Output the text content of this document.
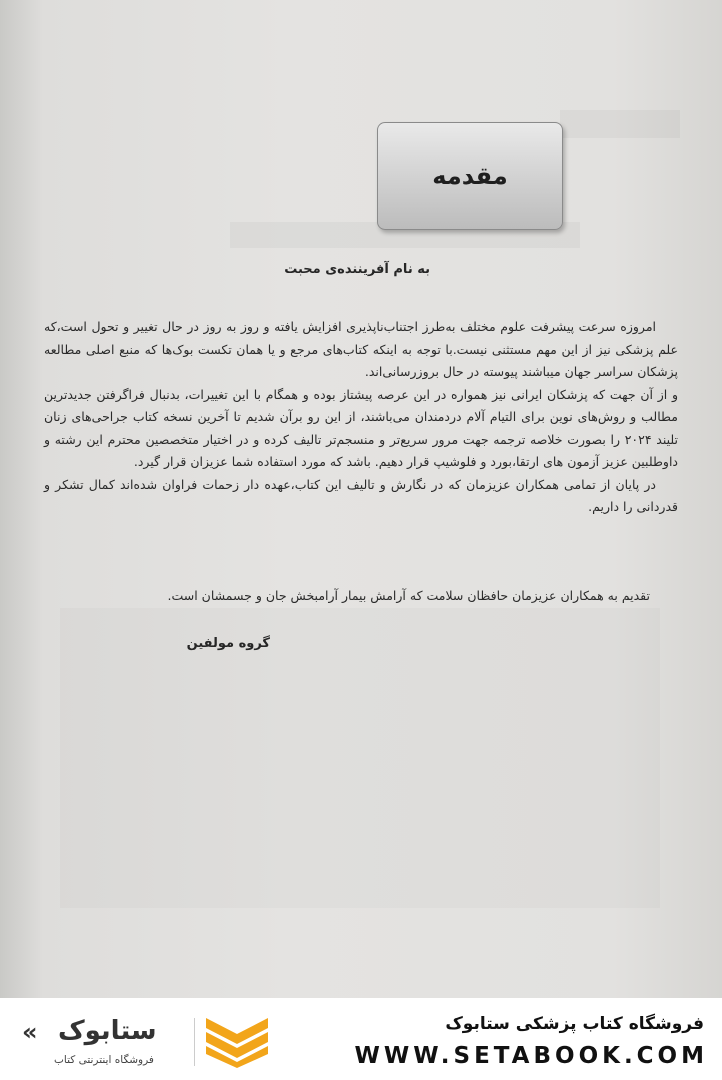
مقدمه
به نام آفریننده‌ی محبت

امروزه سرعت پیشرفت علوم مختلف به‌طرز اجتناب‌ناپذیری افزایش یافته و روز به روز در حال تغییر و تحول است،که علم پزشکی نیز از این مهم مستثنی نیست.با توجه به اینکه کتاب‌های مرجع و یا همان تکست بوک‌ها که منبع اصلی مطالعه پزشکان سراسر جهان میباشند پیوسته در حال بروزرسانی‌اند.

و از آن جهت که پزشکان ایرانی نیز همواره در این عرصه پیشتاز بوده و همگام با این تغییرات، بدنبال فراگرفتن جدیدترین مطالب و روش‌های نوین برای التیام آلام دردمندان می‌باشند، از این رو برآن شدیم تا آخرین نسخه کتاب جراحی‌های زنان تلیند ۲۰۲۴ را بصورت خلاصه ترجمه جهت مرور سریع‌تر و منسجم‌تر تالیف کرده و در اختیار متخصصین محترم این رشته و داوطلبین عزیز آزمون های ارتقا،بورد و فلوشیپ قرار دهیم. باشد که مورد استفاده شما عزیزان قرار گیرد.

در پایان از تمامی همکاران عزیزمان که در نگارش و تالیف این کتاب،عهده دار زحمات فراوان شده‌اند کمال تشکر و قدردانی را داریم.

تقدیم به همکاران عزیزمان حافظان سلامت که آرامش بیمار آرامبخش جان و جسمشان است.
گروه مولفین
« ستابوک
فروشگاه اینترنتی کتاب
فروشگاه کتاب پزشکی ستابوک
WWW.SETABOOK.COM
